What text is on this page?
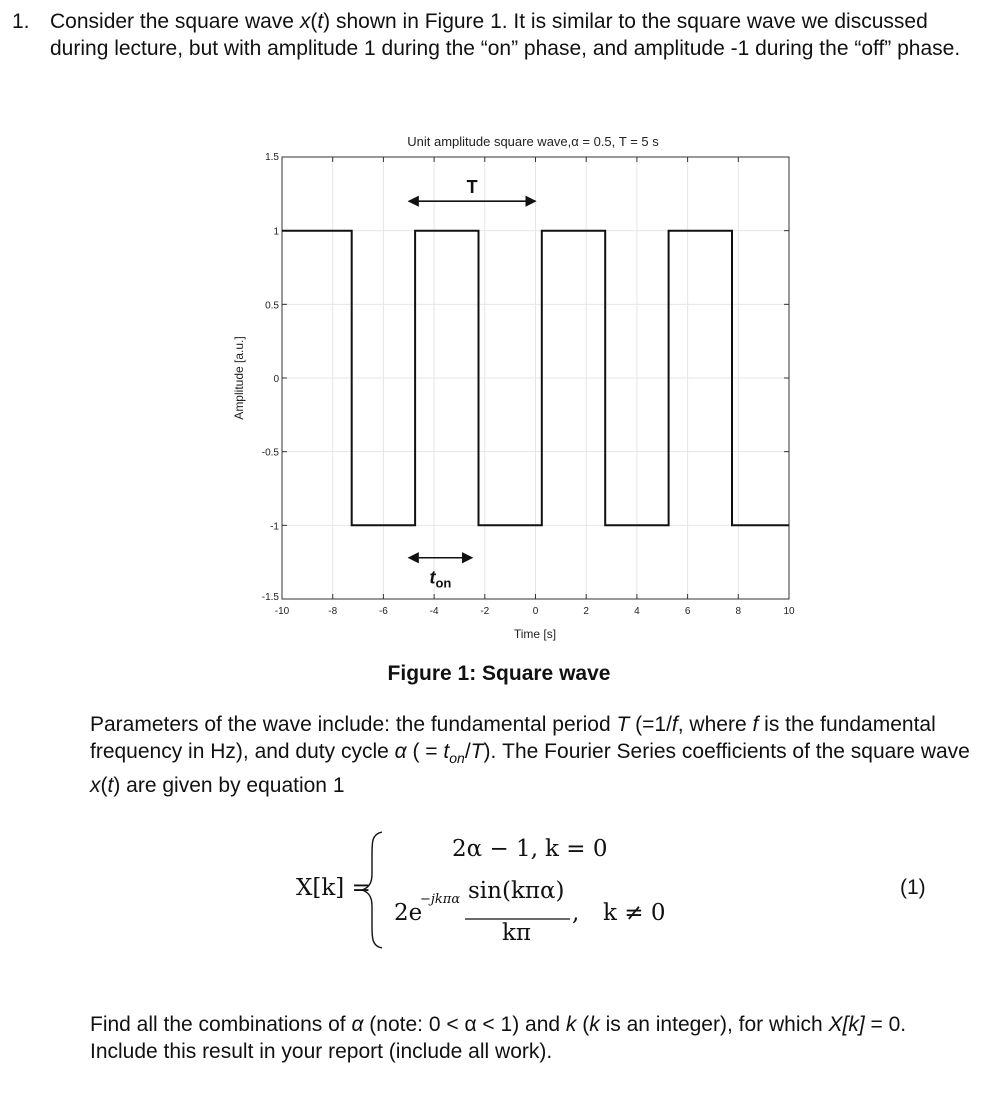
1. Consider the square wave x(t) shown in Figure 1. It is similar to the square wave we discussed during lecture, but with amplitude 1 during the “on” phase, and amplitude -1 during the “off” phase.
-10	-8	-6	-4	-2	0	2	4	6	8	10
1.5
1
0.5
0
-0.5
-1
-1.5
Unit amplitude square wave,α = 0.5, T = 5 s
Time [s]
Amplitude [a.u.]
T
$t_{on}$
Figure 1: Square wave
Parameters of the wave include: the fundamental period T (=1/f, where f is the fundamental frequency in Hz), and duty cycle α ( = $t_{on}/T$). The Fourier Series coefficients of the square wave x(t) are given by equation 1
X[k] =
2α − 1, k = 0
2e
−jkπα sin(kπα)
kπ
, k ≠ 0
(1)
Find all the combinations of α (note: 0 < α < 1) and k (k is an integer), for which X[k] = 0. Include this result in your report (include all work).
